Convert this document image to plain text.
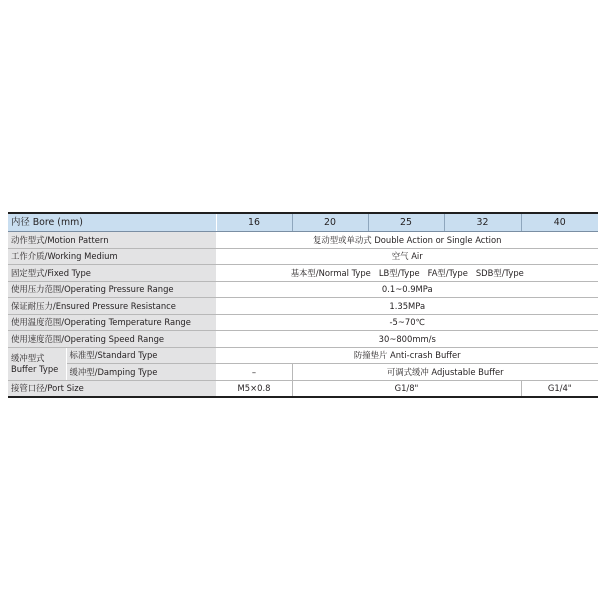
内径 Bore (mm)		16	20	25	32	40
动作型式/Motion Pattern		复动型或单动式 Double Action or Single Action				
工作介质/Working Medium		空气 Air				
固定型式/Fixed Type		基本型/Normal Type   LB型/Type   FA型/Type   SDB型/Type				
使用压力范围/Operating Pressure Range		0.1~0.9MPa				
保证耐压力/Ensured Pressure Resistance		1.35MPa				
使用温度范围/Operating Temperature Range		-5~70℃				
使用速度范围/Operating Speed Range		30~800mm/s				

缓冲型式
Buffer Type	标准型/Standard Type	防撞垫片 Anti-crash Buffer				
	缓冲型/Damping Type	–	可调式缓冲 Adjustable Buffer			
接管口径/Port Size		M5×0.8	G1/8"			G1/4"
